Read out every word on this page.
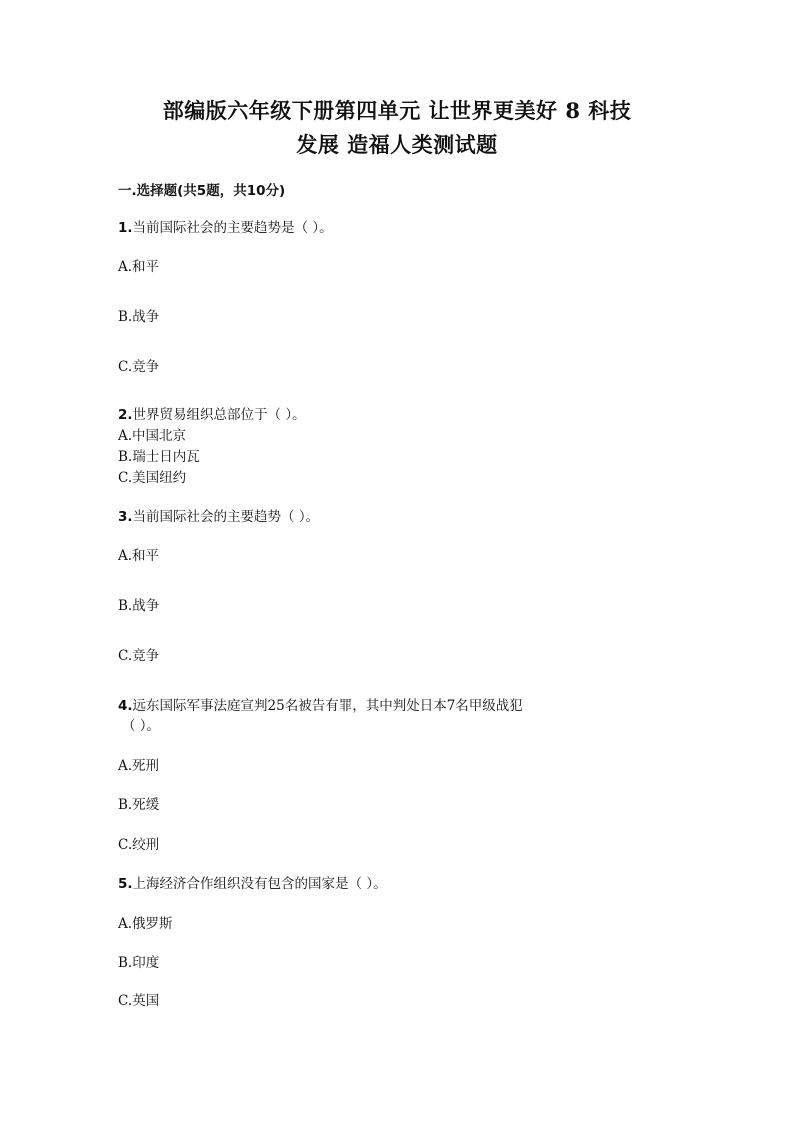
部编版六年级下册第四单元 让世界更美好 8 科技
发展 造福人类测试题
一.选择题(共5题，共10分)
1.当前国际社会的主要趋势是（ ）。
A.和平
B.战争
C.竞争
2.世界贸易组织总部位于（ ）。
A.中国北京
B.瑞士日内瓦
C.美国纽约
3.当前国际社会的主要趋势（ ）。
A.和平
B.战争
C.竞争
4.远东国际军事法庭宣判25名被告有罪，其中判处日本7名甲级战犯
（ ）。
A.死刑
B.死缓
C.绞刑
5.上海经济合作组织没有包含的国家是（ ）。
A.俄罗斯
B.印度
C.英国
